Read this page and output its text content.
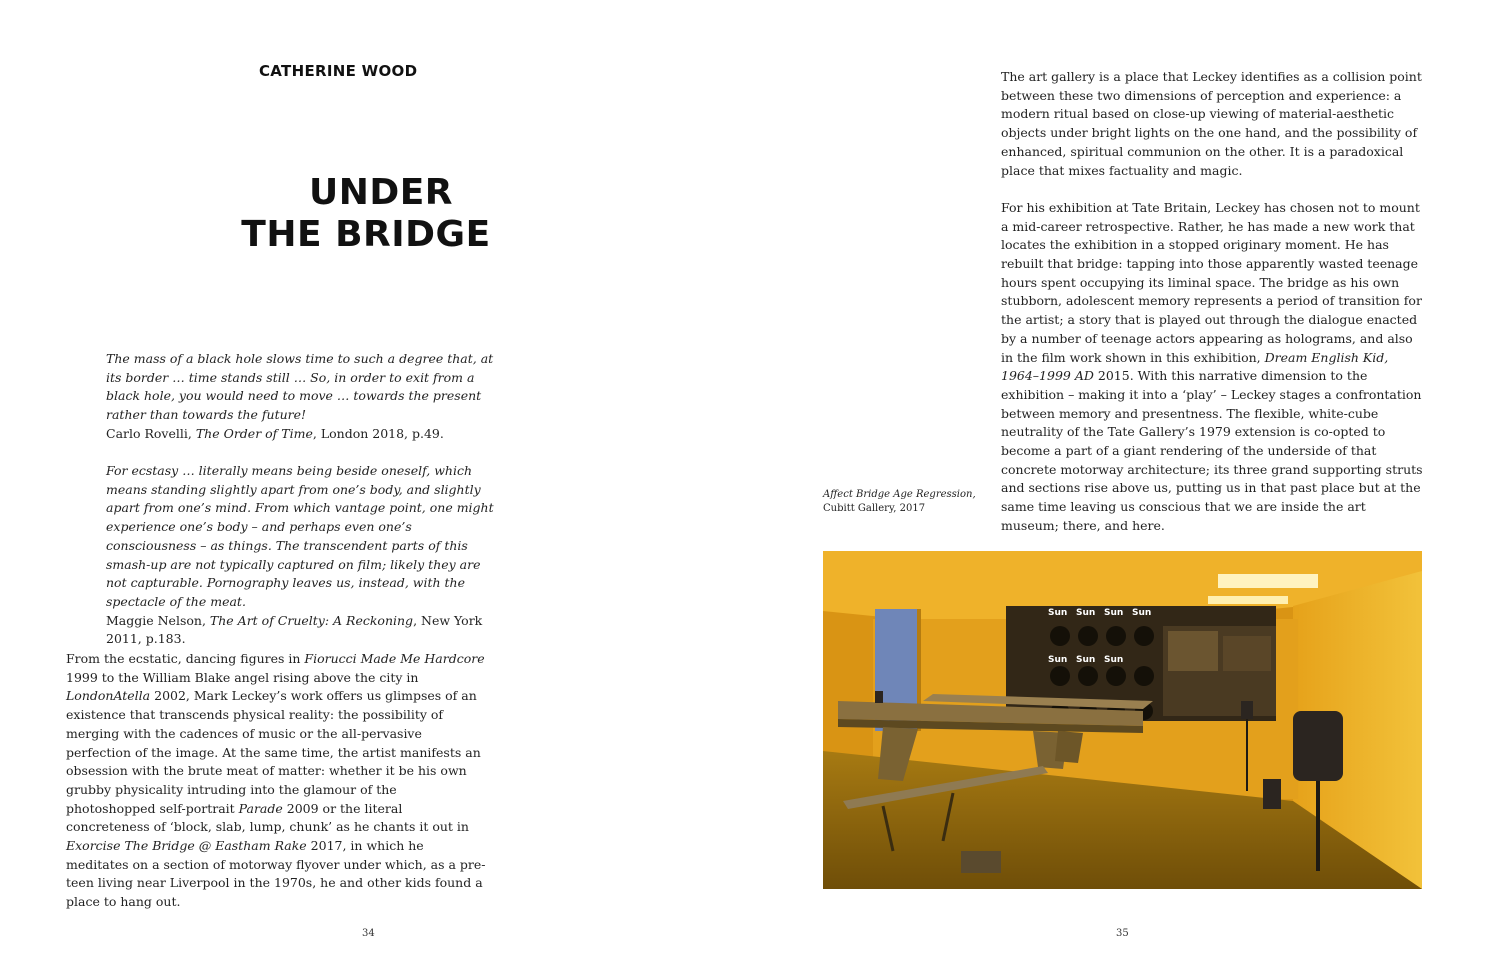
CATHERINE WOOD
UNDER
THE BRIDGE
The mass of a black hole slows time to such a degree that, at its border … time stands still … So, in order to exit from a black hole, you would need to move … towards the present rather than towards the future!
Carlo Rovelli, The Order of Time, London 2018, p.49.
For ecstasy … literally means being beside oneself, which means standing slightly apart from one’s body, and slightly apart from one’s mind. From which vantage point, one might experience one’s body – and perhaps even one’s consciousness – as things. The transcendent parts of this smash-up are not typically captured on film; likely they are not capturable. Pornography leaves us, instead, with the spectacle of the meat.
Maggie Nelson, The Art of Cruelty: A Reckoning, New York 2011, p.183.

From the ecstatic, dancing figures in Fiorucci Made Me Hardcore 1999 to the William Blake angel rising above the city in LondonAtella 2002, Mark Leckey’s work offers us glimpses of an existence that transcends physical reality: the possibility of merging with the cadences of music or the all-pervasive perfection of the image. At the same time, the artist manifests an obsession with the brute meat of matter: whether it be his own grubby physicality intruding into the glamour of the photoshopped self-portrait Parade 2009 or the literal concreteness of ‘block, slab, lump, chunk’ as he chants it out in Exorcise The Bridge @ Eastham Rake 2017, in which he meditates on a section of motorway flyover under which, as a pre-teen living near Liverpool in the 1970s, he and other kids found a place to hang out.

34

The art gallery is a place that Leckey identifies as a collision point between these two dimensions of perception and experience: a modern ritual based on close-up viewing of material-aesthetic objects under bright lights on the one hand, and the possibility of enhanced, spiritual communion on the other. It is a paradoxical place that mixes factuality and magic.

For his exhibition at Tate Britain, Leckey has chosen not to mount a mid-career retrospective. Rather, he has made a new work that locates the exhibition in a stopped originary moment. He has rebuilt that bridge: tapping into those apparently wasted teenage hours spent occupying its liminal space. The bridge as his own stubborn, adolescent memory represents a period of transition for the artist; a story that is played out through the dialogue enacted by a number of teenage actors appearing as holograms, and also in the film work shown in this exhibition, Dream English Kid, 1964–1999 AD 2015. With this narrative dimension to the exhibition – making it into a ‘play’ – Leckey stages a confrontation between memory and presentness. The flexible, white-cube neutrality of the Tate Gallery’s 1979 extension is co-opted to become a part of a giant rendering of the underside of that concrete motorway architecture; its three grand supporting struts and sections rise above us, putting us in that past place but at the same time leaving us conscious that we are inside the art museum; there, and here.

Affect Bridge Age Regression,
Cubitt Gallery, 2017
Sun Sun Sun Sun
Sun Sun Sun
35
